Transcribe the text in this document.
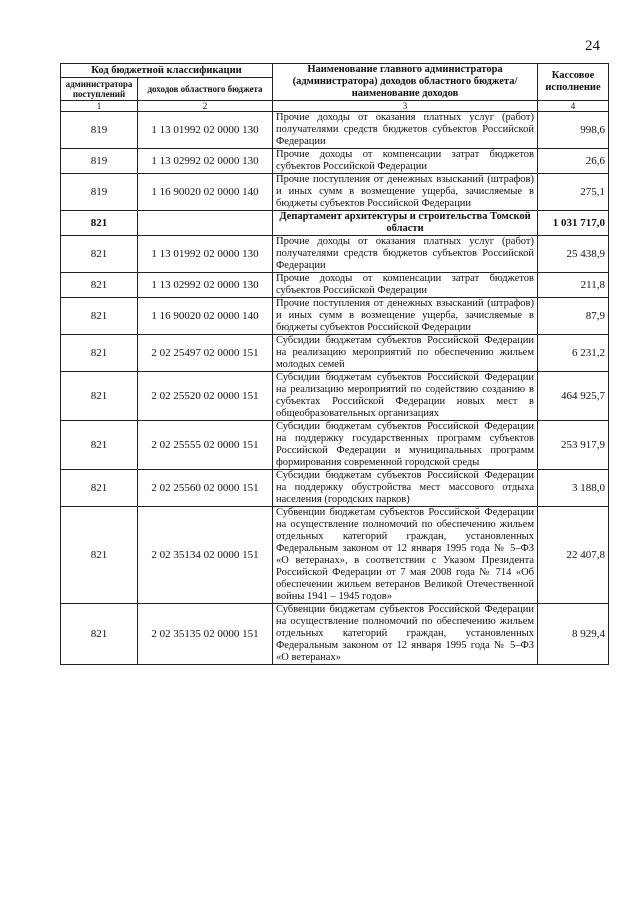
24
Код бюджетной классификации		Наименование главного администратора (администратора) доходов областного бюджета/ наименование доходов	Кассовое исполнение
администратора поступлений	доходов областного бюджета		
1	2	3	4
819	1 13 01992 02 0000 130	Прочие доходы от оказания платных услуг (работ) получателями средств бюджетов субъектов Российской Федерации	998,6
819	1 13 02992 02 0000 130	Прочие доходы от компенсации затрат бюджетов субъектов Российской Федерации	26,6
819	1 16 90020 02 0000 140	Прочие поступления от денежных взысканий (штрафов) и иных сумм в возмещение ущерба, зачисляемые в бюджеты субъектов Российской Федерации	275,1
821		Департамент архитектуры и строительства Томской области	1 031 717,0
821	1 13 01992 02 0000 130	Прочие доходы от оказания платных услуг (работ) получателями средств бюджетов субъектов Российской Федерации	25 438,9
821	1 13 02992 02 0000 130	Прочие доходы от компенсации затрат бюджетов субъектов Российской Федерации	211,8
821	1 16 90020 02 0000 140	Прочие поступления от денежных взысканий (штрафов) и иных сумм в возмещение ущерба, зачисляемые в бюджеты субъектов Российской Федерации	87,9
821	2 02 25497 02 0000 151	Субсидии бюджетам субъектов Российской Федерации на реализацию мероприятий по обеспечению жильем молодых семей	6 231,2
821	2 02 25520 02 0000 151	Субсидии бюджетам субъектов Российской Федерации на реализацию мероприятий по содействию созданию в субъектах Российской Федерации новых мест в общеобразовательных организациях	464 925,7
821	2 02 25555 02 0000 151	Субсидии бюджетам субъектов Российской Федерации на поддержку государственных программ субъектов Российской Федерации и муниципальных программ формирования современной городской среды	253 917,9
821	2 02 25560 02 0000 151	Субсидии бюджетам субъектов Российской Федерации на поддержку обустройства мест массового отдыха населения (городских парков)	3 188,0
821	2 02 35134 02 0000 151	Субвенции бюджетам субъектов Российской Федерации на осуществление полномочий по обеспечению жильем отдельных категорий граждан, установленных Федеральным законом от 12 января 1995 года № 5–ФЗ «О ветеранах», в соответствии с Указом Президента Российской Федерации от 7 мая 2008 года № 714 «Об обеспечении жильем ветеранов Великой Отечественной войны 1941 – 1945 годов»	22 407,8
821	2 02 35135 02 0000 151	Субвенции бюджетам субъектов Российской Федерации на осуществление полномочий по обеспечению жильем отдельных категорий граждан, установленных Федеральным законом от 12 января 1995 года № 5–ФЗ «О ветеранах»	8 929,4
